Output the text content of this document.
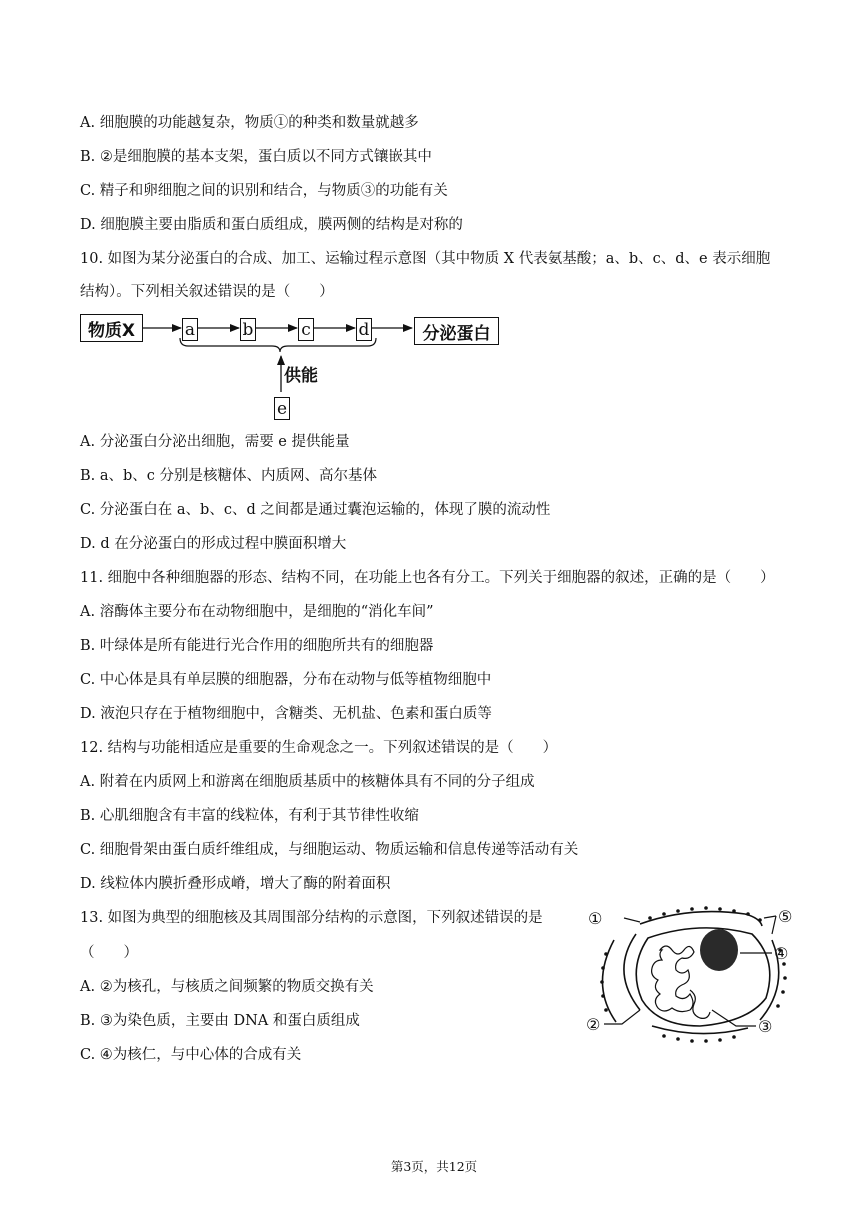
A. 细胞膜的功能越复杂，物质①的种类和数量就越多
B. ②是细胞膜的基本支架，蛋白质以不同方式镶嵌其中
C. 精子和卵细胞之间的识别和结合，与物质③的功能有关
D. 细胞膜主要由脂质和蛋白质组成，膜两侧的结构是对称的
10. 如图为某分泌蛋白的合成、加工、运输过程示意图（其中物质 X 代表氨基酸；a、b、c、d、e 表示细胞
结构）。下列相关叙述错误的是（　　）
物质X	a	b	c	d	分泌蛋白
供能
e
A. 分泌蛋白分泌出细胞，需要 e 提供能量
B. a、b、c 分别是核糖体、内质网、高尔基体
C. 分泌蛋白在 a、b、c、d 之间都是通过囊泡运输的，体现了膜的流动性
D. d 在分泌蛋白的形成过程中膜面积增大
11. 细胞中各种细胞器的形态、结构不同，在功能上也各有分工。下列关于细胞器的叙述，正确的是（　　）
A. 溶酶体主要分布在动物细胞中，是细胞的“消化车间”
B. 叶绿体是所有能进行光合作用的细胞所共有的细胞器
C. 中心体是具有单层膜的细胞器，分布在动物与低等植物细胞中
D. 液泡只存在于植物细胞中，含糖类、无机盐、色素和蛋白质等
12. 结构与功能相适应是重要的生命观念之一。下列叙述错误的是（　　）
A. 附着在内质网上和游离在细胞质基质中的核糖体具有不同的分子组成
B. 心肌细胞含有丰富的线粒体，有利于其节律性收缩
C. 细胞骨架由蛋白质纤维组成，与细胞运动、物质运输和信息传递等活动有关
D. 线粒体内膜折叠形成嵴，增大了酶的附着面积
13. 如图为典型的细胞核及其周围部分结构的示意图，下列叙述错误的是
（　　）
A. ②为核孔，与核质之间频繁的物质交换有关
B. ③为染色质，主要由 DNA 和蛋白质组成
C. ④为核仁，与中心体的合成有关
①
②	③
④
⑤
第3页，共12页
